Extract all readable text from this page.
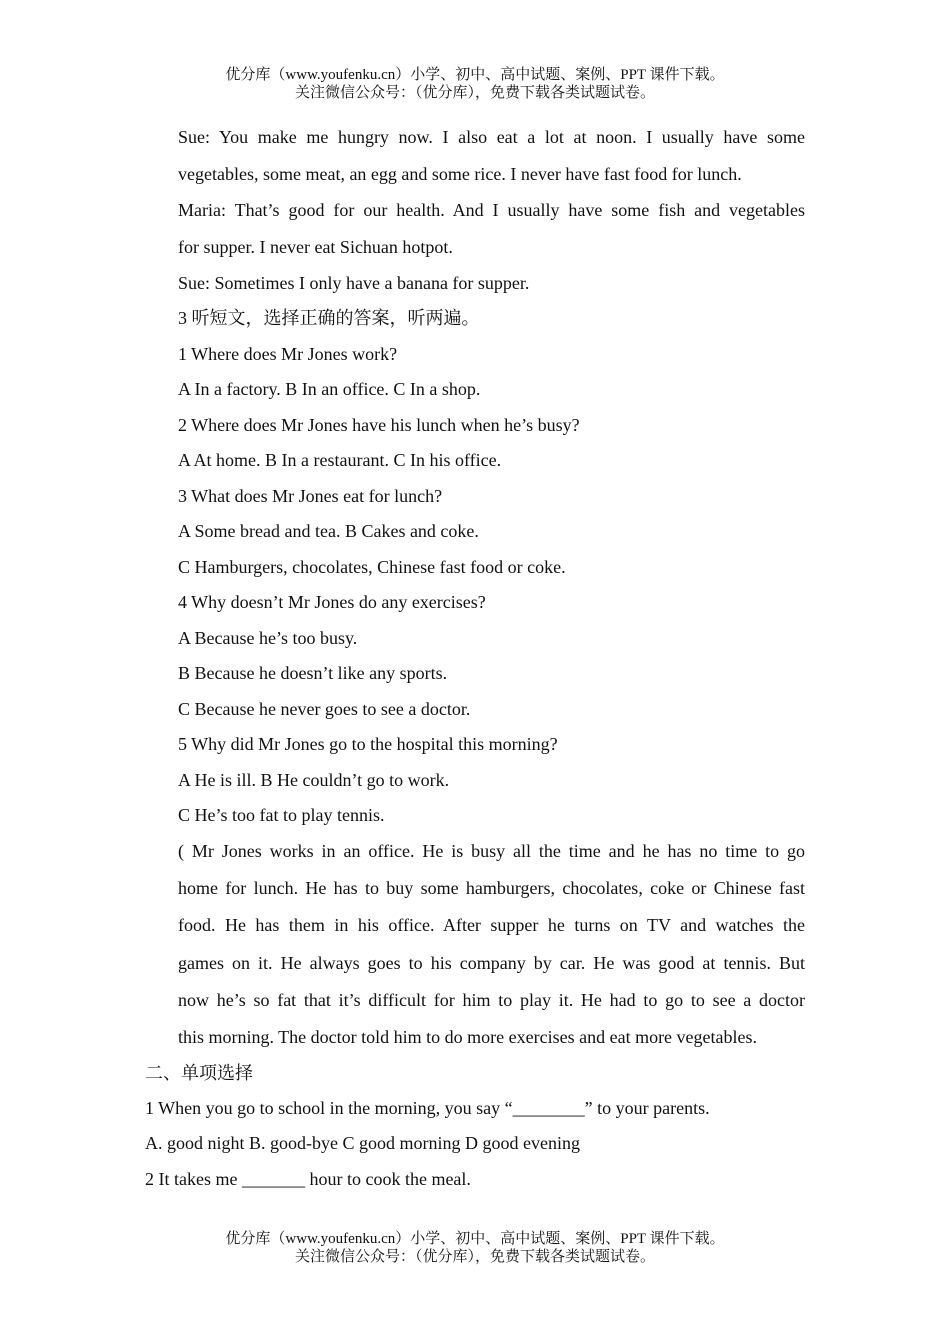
优分库（www.youfenku.cn）小学、初中、高中试题、案例、PPT 课件下载。
关注微信公众号：（优分库），免费下载各类试题试卷。
Sue: You make me hungry now. I also eat a lot at noon. I usually have some
vegetables, some meat, an egg and some rice. I never have fast food for lunch.
Maria: That’s good for our health. And I usually have some fish and vegetables
for supper. I never eat Sichuan hotpot.
Sue: Sometimes I only have a banana for supper.
3 听短文，选择正确的答案，听两遍。
1 Where does Mr Jones work?
A In a factory. B In an office. C In a shop.
2 Where does Mr Jones have his lunch when he’s busy?
A At home. B In a restaurant. C In his office.
3 What does Mr Jones eat for lunch?
A Some bread and tea. B Cakes and coke.
C Hamburgers, chocolates, Chinese fast food or coke.
4 Why doesn’t Mr Jones do any exercises?
A Because he’s too busy.
B Because he doesn’t like any sports.
C Because he never goes to see a doctor.
5 Why did Mr Jones go to the hospital this morning?
A He is ill. B He couldn’t go to work.
C He’s too fat to play tennis.
( Mr Jones works in an office. He is busy all the time and he has no time to go
home for lunch. He has to buy some hamburgers, chocolates, coke or Chinese fast
food. He has them in his office. After supper he turns on TV and watches the
games on it. He always goes to his company by car. He was good at tennis. But
now he’s so fat that it’s difficult for him to play it. He had to go to see a doctor
this morning. The doctor told him to do more exercises and eat more vegetables.
二、单项选择
1 When you go to school in the morning, you say “________” to your parents.
A. good night B. good-bye C good morning D good evening
2 It takes me _______ hour to cook the meal.
优分库（www.youfenku.cn）小学、初中、高中试题、案例、PPT 课件下载。
关注微信公众号：（优分库），免费下载各类试题试卷。
